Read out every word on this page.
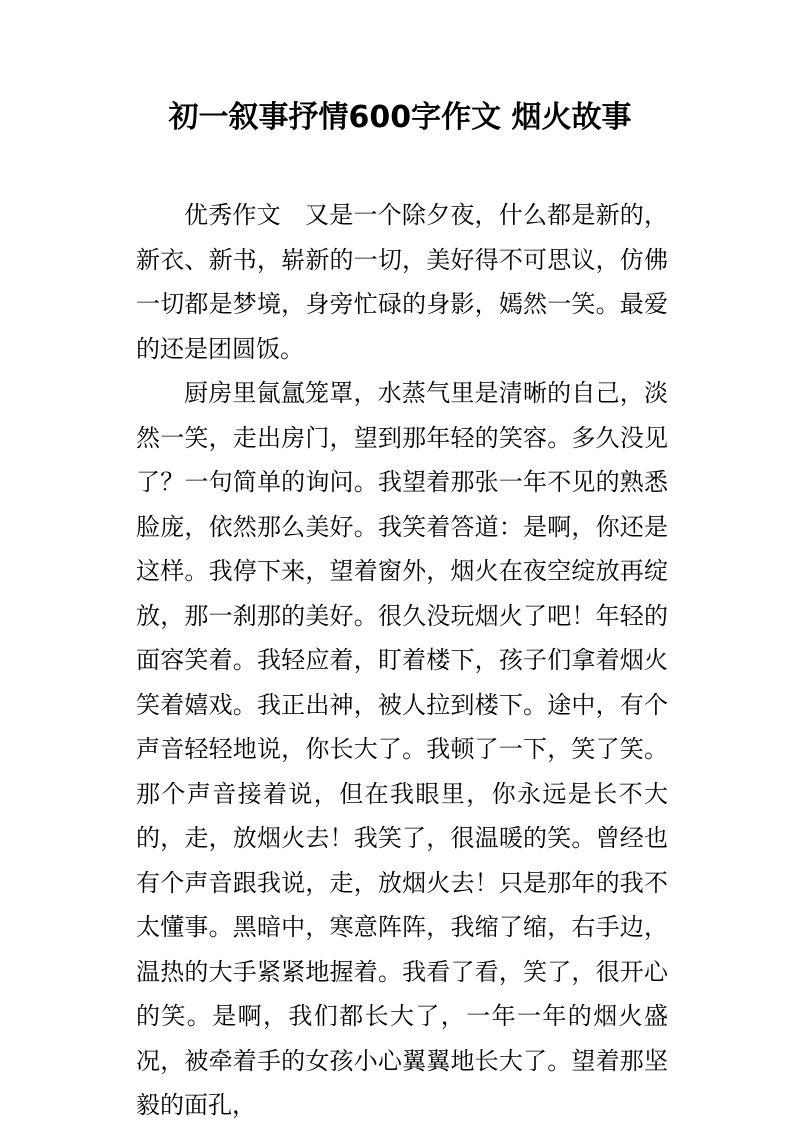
初一叙事抒情600字作文 烟火故事

优秀作文　又是一个除夕夜，什么都是新的，新衣、新书，崭新的一切，美好得不可思议，仿佛一切都是梦境，身旁忙碌的身影，嫣然一笑。最爱的还是团圆饭。

厨房里氤氲笼罩，水蒸气里是清晰的自己，淡然一笑，走出房门，望到那年轻的笑容。多久没见了？一句简单的询问。我望着那张一年不见的熟悉脸庞，依然那么美好。我笑着答道：是啊，你还是这样。我停下来，望着窗外，烟火在夜空绽放再绽放，那一刹那的美好。很久没玩烟火了吧！年轻的面容笑着。我轻应着，盯着楼下，孩子们拿着烟火笑着嬉戏。我正出神，被人拉到楼下。途中，有个声音轻轻地说，你长大了。我顿了一下，笑了笑。那个声音接着说，但在我眼里，你永远是长不大的，走，放烟火去！我笑了，很温暖的笑。曾经也有个声音跟我说，走，放烟火去！只是那年的我不太懂事。黑暗中，寒意阵阵，我缩了缩，右手边，温热的大手紧紧地握着。我看了看，笑了，很开心的笑。是啊，我们都长大了，一年一年的烟火盛况，被牵着手的女孩小心翼翼地长大了。望着那坚毅的面孔，
